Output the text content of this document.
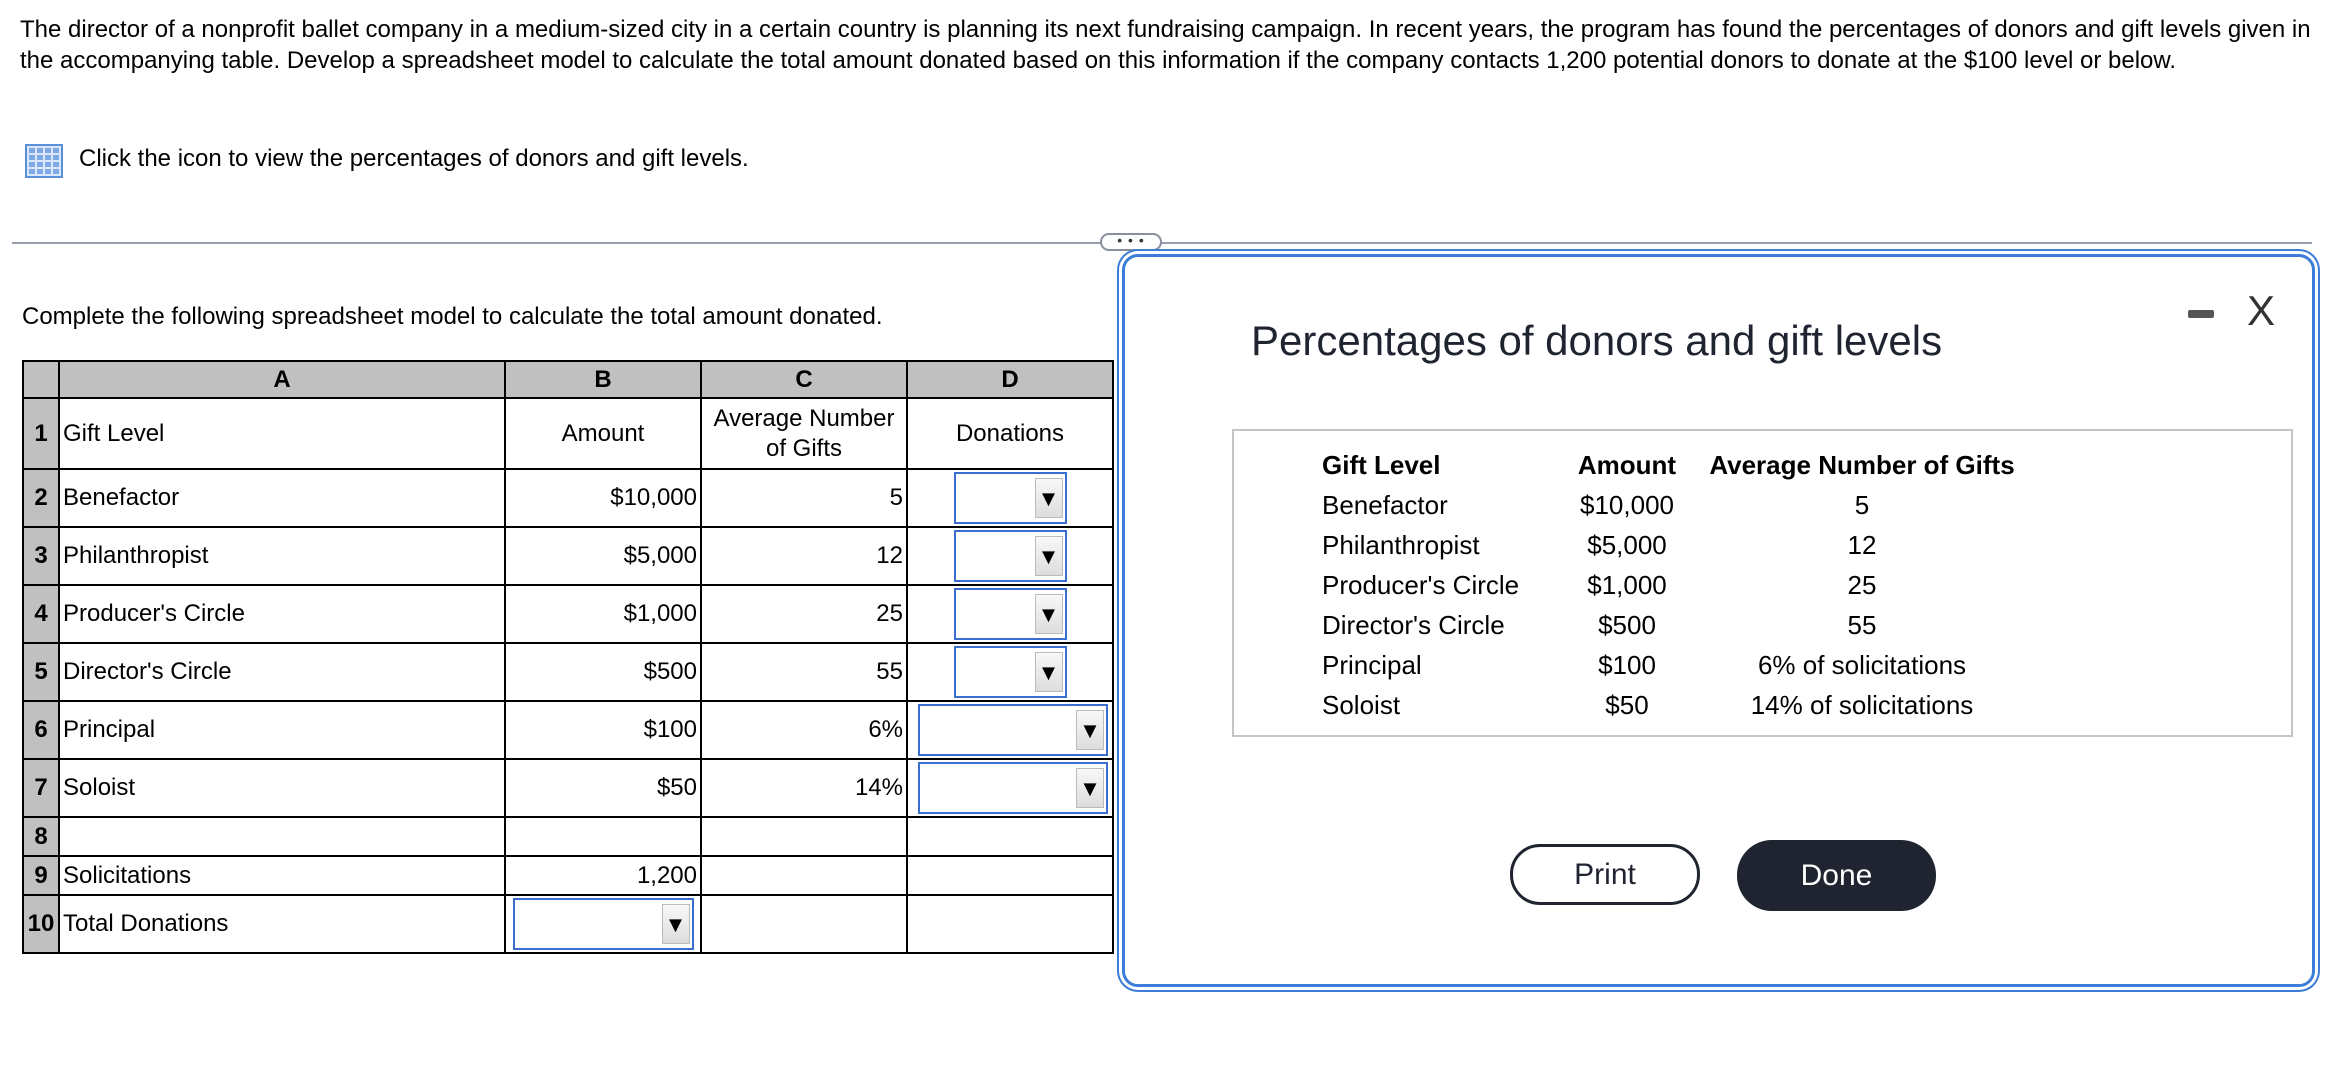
The director of a nonprofit ballet company in a medium-sized city in a certain country is planning its next fundraising campaign. In recent years, the program has found the percentages of donors and gift levels given in the accompanying table. Develop a spreadsheet model to calculate the total amount donated based on this information if the company contacts 1,200 potential donors to donate at the $100 level or below.
Click the icon to view the percentages of donors and gift levels.
• • •
Complete the following spreadsheet model to calculate the total amount donated.
	A	B	C	D
1	Gift Level	Amount	Average Number of Gifts	Donations
2	Benefactor	$10,000	5	▼

3	Philanthropist	$5,000	12	▼

4	Producer's Circle	$1,000	25	▼

5	Director's Circle	$500	55	▼

6	Principal	$100	6%	▼

7	Soloist	$50	14%	▼

8				
9	Solicitations	1,200		
10	Total Donations	▼		

Percentages of donors and gift levels
X
Gift Level	Amount	Average Number of Gifts
Benefactor	$10,000	5
Philanthropist	$5,000	12
Producer's Circle	$1,000	25
Director's Circle	$500	55
Principal	$100	6% of solicitations
Soloist	$50	14% of solicitations
Print	Done
